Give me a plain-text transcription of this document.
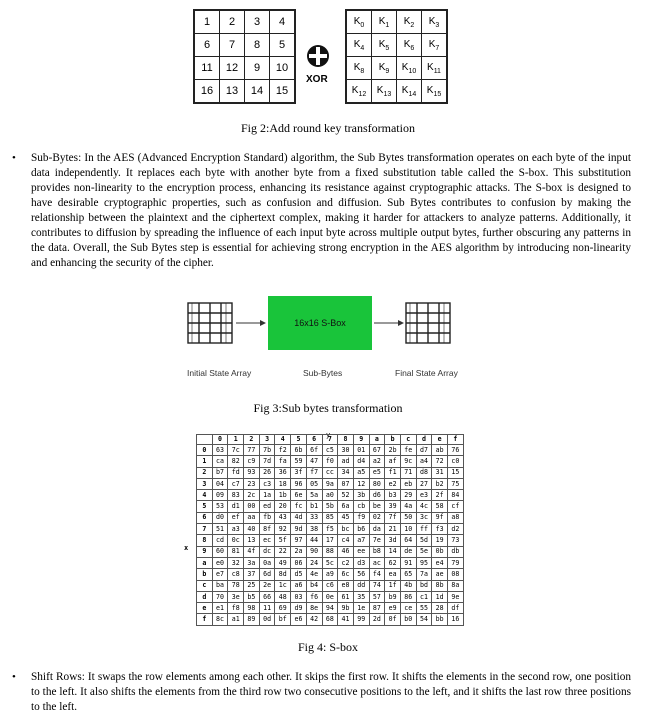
1	2	3	4
6	7	8	5
11	12	9	10
16	13	14	15
XOR
$K_0$	$K_1$	$K_2$	$K_3$
$K_4$	$K_5$	$K_6$	$K_7$
$K_8$	$K_9$	$K_{10}$	$K_{11}$
$K_{12}$	$K_{13}$	$K_{14}$	$K_{15}$
Fig 2:Add round key transformation
• Sub-Bytes: In the AES (Advanced Encryption Standard) algorithm, the Sub Bytes transformation operates on each byte of the input data independently. It replaces each byte with another byte from a fixed substitution table called the S-box. This substitution provides non-linearity to the encryption process, enhancing its resistance against cryptographic attacks. The S-box is designed to have desirable cryptographic properties, such as confusion and diffusion. Sub Bytes contributes to confusion by making the relationship between the plaintext and the ciphertext complex, making it harder for attackers to analyze patterns. Additionally, it contributes to diffusion by spreading the influence of each input byte across multiple output bytes, further obscuring any patterns in the data. Overall, the Sub Bytes step is essential for achieving strong encryption in the AES algorithm by introducing non-linearity and enhancing the security of the cipher.
16x16 S-Box
Initial State Array	Sub-Bytes	Final State Array
Fig 3:Sub bytes transformation
y
x
	0	1	2	3	4	5	6	7	8	9	a	b	c	d	e	f
0	63	7c	77	7b	f2	6b	6f	c5	30	01	67	2b	fe	d7	ab	76
1	ca	82	c9	7d	fa	59	47	f0	ad	d4	a2	af	9c	a4	72	c0
2	b7	fd	93	26	36	3f	f7	cc	34	a5	e5	f1	71	d8	31	15
3	04	c7	23	c3	18	96	05	9a	07	12	80	e2	eb	27	b2	75
4	09	83	2c	1a	1b	6e	5a	a0	52	3b	d6	b3	29	e3	2f	84
5	53	d1	00	ed	20	fc	b1	5b	6a	cb	be	39	4a	4c	58	cf
6	d0	ef	aa	fb	43	4d	33	85	45	f9	02	7f	50	3c	9f	a8
7	51	a3	40	8f	92	9d	38	f5	bc	b6	da	21	10	ff	f3	d2
8	cd	0c	13	ec	5f	97	44	17	c4	a7	7e	3d	64	5d	19	73
9	60	81	4f	dc	22	2a	90	88	46	ee	b8	14	de	5e	0b	db
a	e0	32	3a	0a	49	06	24	5c	c2	d3	ac	62	91	95	e4	79
b	e7	c8	37	6d	8d	d5	4e	a9	6c	56	f4	ea	65	7a	ae	08
c	ba	78	25	2e	1c	a6	b4	c6	e8	dd	74	1f	4b	bd	8b	8a
d	70	3e	b5	66	48	03	f6	0e	61	35	57	b9	86	c1	1d	9e
e	e1	f8	98	11	69	d9	8e	94	9b	1e	87	e9	ce	55	28	df
f	8c	a1	89	0d	bf	e6	42	68	41	99	2d	0f	b0	54	bb	16
Fig 4: S-box
• Shift Rows: It swaps the row elements among each other. It skips the first row. It shifts the elements in the second row, one position to the left. It also shifts the elements from the third row two consecutive positions to the left, and it shifts the last row three positions to the left.
